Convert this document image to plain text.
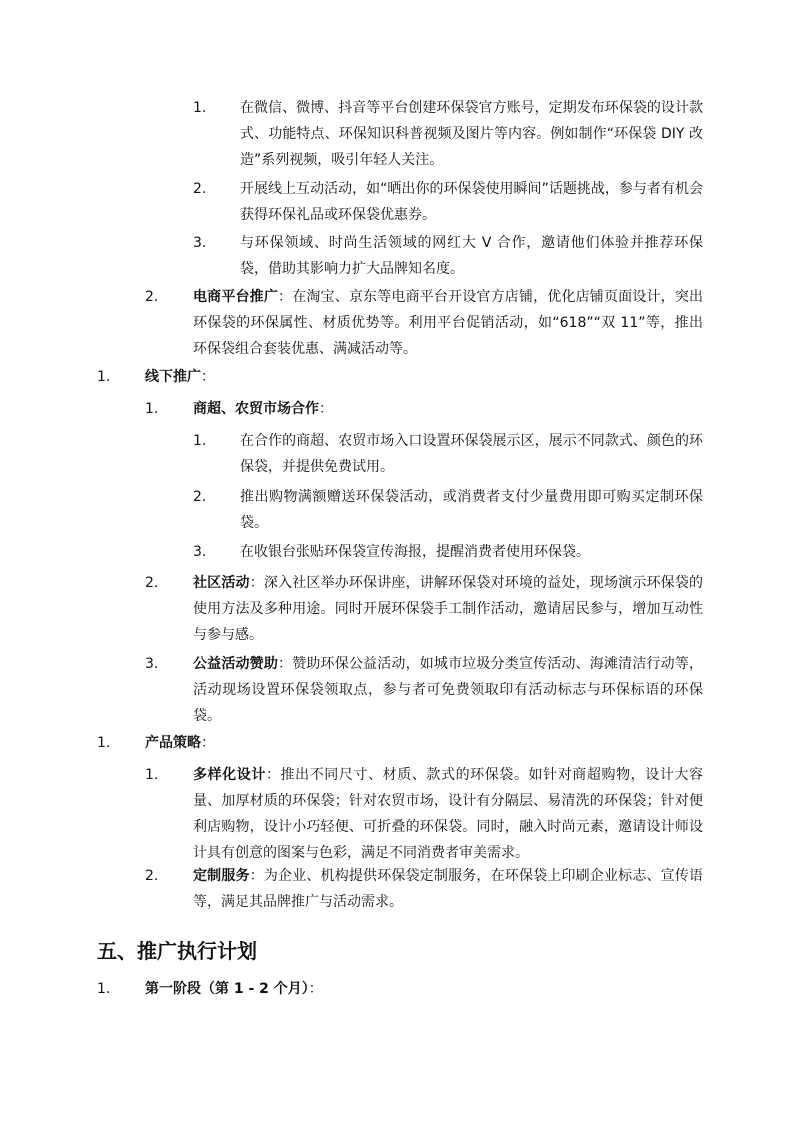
1. 在微信、微博、抖音等平台创建环保袋官方账号，定期发布环保袋的设计款式、功能特点、环保知识科普视频及图片等内容。例如制作“环保袋 DIY 改造”系列视频，吸引年轻人关注。
2. 开展线上互动活动，如“晒出你的环保袋使用瞬间”话题挑战，参与者有机会获得环保礼品或环保袋优惠券。
3. 与环保领域、时尚生活领域的网红大 V 合作，邀请他们体验并推荐环保袋，借助其影响力扩大品牌知名度。
2. 电商平台推广：在淘宝、京东等电商平台开设官方店铺，优化店铺页面设计，突出环保袋的环保属性、材质优势等。利用平台促销活动，如“618”“双 11”等，推出环保袋组合套装优惠、满减活动等。
1. 线下推广：
1. 商超、农贸市场合作：
1. 在合作的商超、农贸市场入口设置环保袋展示区，展示不同款式、颜色的环保袋，并提供免费试用。
2. 推出购物满额赠送环保袋活动，或消费者支付少量费用即可购买定制环保袋。
3. 在收银台张贴环保袋宣传海报，提醒消费者使用环保袋。
2. 社区活动：深入社区举办环保讲座，讲解环保袋对环境的益处，现场演示环保袋的使用方法及多种用途。同时开展环保袋手工制作活动，邀请居民参与，增加互动性与参与感。
3. 公益活动赞助：赞助环保公益活动，如城市垃圾分类宣传活动、海滩清洁行动等，活动现场设置环保袋领取点，参与者可免费领取印有活动标志与环保标语的环保袋。
1. 产品策略：
1. 多样化设计：推出不同尺寸、材质、款式的环保袋。如针对商超购物，设计大容量、加厚材质的环保袋；针对农贸市场，设计有分隔层、易清洗的环保袋；针对便利店购物，设计小巧轻便、可折叠的环保袋。同时，融入时尚元素，邀请设计师设计具有创意的图案与色彩，满足不同消费者审美需求。
2. 定制服务：为企业、机构提供环保袋定制服务，在环保袋上印刷企业标志、宣传语等，满足其品牌推广与活动需求。
五、推广执行计划
1. 第一阶段（第 1 - 2 个月）：
